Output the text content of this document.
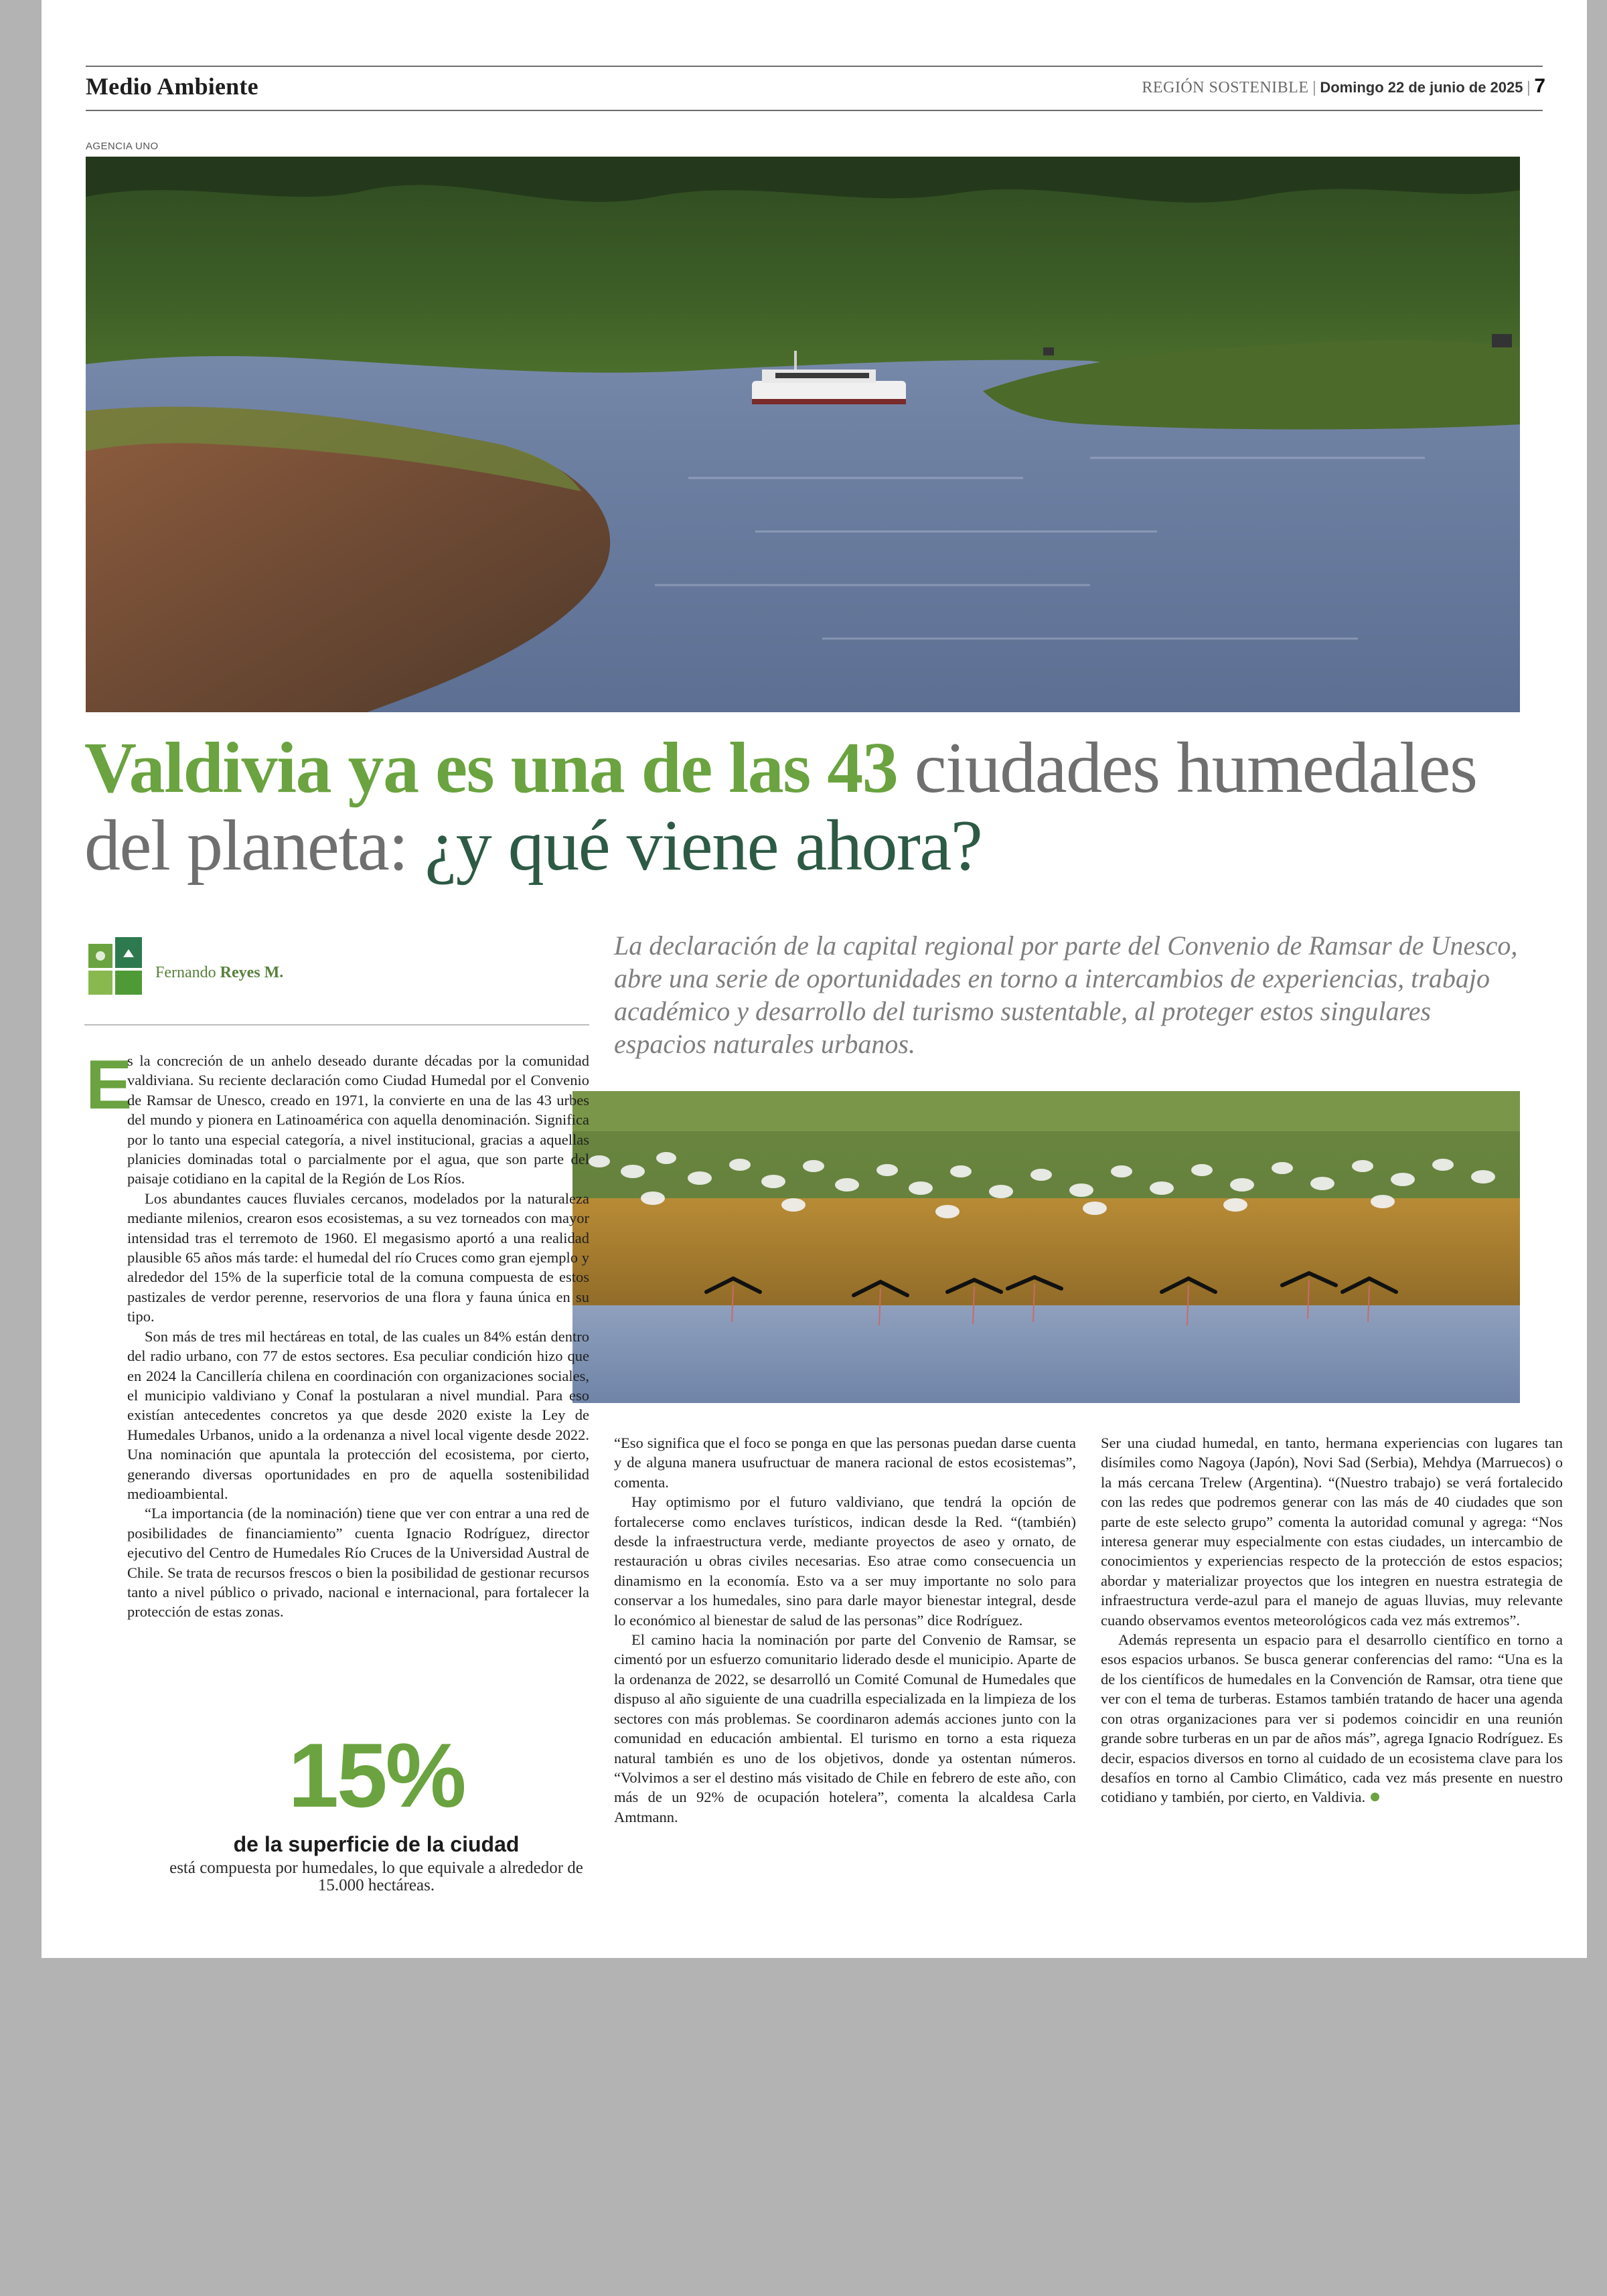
Medio Ambiente	REGIÓN SOSTENIBLE | Domingo 22 de junio de 2025 | 7
AGENCIA UNO
Valdivia ya es una de las 43 ciudades humedales del planeta: ¿y qué viene ahora?
Fernando Reyes M.

La declaración de la capital regional por parte del Convenio de Ramsar de Unesco, abre una serie de oportunidades en torno a intercambios de experiencias, trabajo académico y desarrollo del turismo sustentable, al proteger estos singulares espacios naturales urbanos.

E

s la concreción de un anhelo deseado durante décadas por la comunidad valdiviana. Su reciente declaración como Ciudad Humedal por el Convenio de Ramsar de Unesco, creado en 1971, la convierte en una de las 43 urbes del mundo y pionera en Latinoamérica con aquella denominación. Significa por lo tanto una especial categoría, a nivel institucional, gracias a aquellas planicies dominadas total o parcialmente por el agua, que son parte del paisaje cotidiano en la capital de la Región de Los Ríos.

Los abundantes cauces fluviales cercanos, modelados por la naturaleza mediante milenios, crearon esos ecosistemas, a su vez torneados con mayor intensidad tras el terremoto de 1960. El megasismo aportó a una realidad plausible 65 años más tarde: el humedal del río Cruces como gran ejemplo y alrededor del 15% de la superficie total de la comuna compuesta de estos pastizales de verdor perenne, reservorios de una flora y fauna única en su tipo.

Son más de tres mil hectáreas en total, de las cuales un 84% están dentro del radio urbano, con 77 de estos sectores. Esa peculiar condición hizo que en 2024 la Cancillería chilena en coordinación con organizaciones sociales, el municipio valdiviano y Conaf la postularan a nivel mundial. Para eso existían antecedentes concretos ya que desde 2020 existe la Ley de Humedales Urbanos, unido a la ordenanza a nivel local vigente desde 2022. Una nominación que apuntala la protección del ecosistema, por cierto, generando diversas oportunidades en pro de aquella sostenibilidad medioambiental.

“La importancia (de la nominación) tiene que ver con entrar a una red de posibilidades de financiamiento” cuenta Ignacio Rodríguez, director ejecutivo del Centro de Humedales Río Cruces de la Universidad Austral de Chile. Se trata de recursos frescos o bien la posibilidad de gestionar recursos tanto a nivel público o privado, nacional e internacional, para fortalecer la protección de estas zonas.

“Eso significa que el foco se ponga en que las personas puedan darse cuenta y de alguna manera usufructuar de manera racional de estos ecosistemas”, comenta.

Hay optimismo por el futuro valdiviano, que tendrá la opción de fortalecerse como enclaves turísticos, indican desde la Red. “(también) desde la infraestructura verde, mediante proyectos de aseo y ornato, de restauración u obras civiles necesarias. Eso atrae como consecuencia un dinamismo en la economía. Esto va a ser muy importante no solo para conservar a los humedales, sino para darle mayor bienestar integral, desde lo económico al bienestar de salud de las personas” dice Rodríguez.

El camino hacia la nominación por parte del Convenio de Ramsar, se cimentó por un esfuerzo comunitario liderado desde el municipio. Aparte de la ordenanza de 2022, se desarrolló un Comité Comunal de Humedales que dispuso al año siguiente de una cuadrilla especializada en la limpieza de los sectores con más problemas. Se coordinaron además acciones junto con la comunidad en educación ambiental. El turismo en torno a esta riqueza natural también es uno de los objetivos, donde ya ostentan números. “Volvimos a ser el destino más visitado de Chile en febrero de este año, con más de un 92% de ocupación hotelera”, comenta la alcaldesa Carla Amtmann.

Ser una ciudad humedal, en tanto, hermana experiencias con lugares tan disímiles como Nagoya (Japón), Novi Sad (Serbia), Mehdya (Marruecos) o la más cercana Trelew (Argentina). “(Nuestro trabajo) se verá fortalecido con las redes que podremos generar con las más de 40 ciudades que son parte de este selecto grupo” comenta la autoridad comunal y agrega: “Nos interesa generar muy especialmente con estas ciudades, un intercambio de conocimientos y experiencias respecto de la protección de estos espacios; abordar y materializar proyectos que los integren en nuestra estrategia de infraestructura verde-azul para el manejo de aguas lluvias, muy relevante cuando observamos eventos meteorológicos cada vez más extremos”.

Además representa un espacio para el desarrollo científico en torno a esos espacios urbanos. Se busca generar conferencias del ramo: “Una es la de los científicos de humedales en la Convención de Ramsar, otra tiene que ver con el tema de turberas. Estamos también tratando de hacer una agenda con otras organizaciones para ver si podemos coincidir en una reunión grande sobre turberas en un par de años más”, agrega Ignacio Rodríguez. Es decir, espacios diversos en torno al cuidado de un ecosistema clave para los desafíos en torno al Cambio Climático, cada vez más presente en nuestro cotidiano y también, por cierto, en Valdivia.

15%
de la superficie de la ciudad
está compuesta por humedales, lo que equivale a alrededor de 15.000 hectáreas.
